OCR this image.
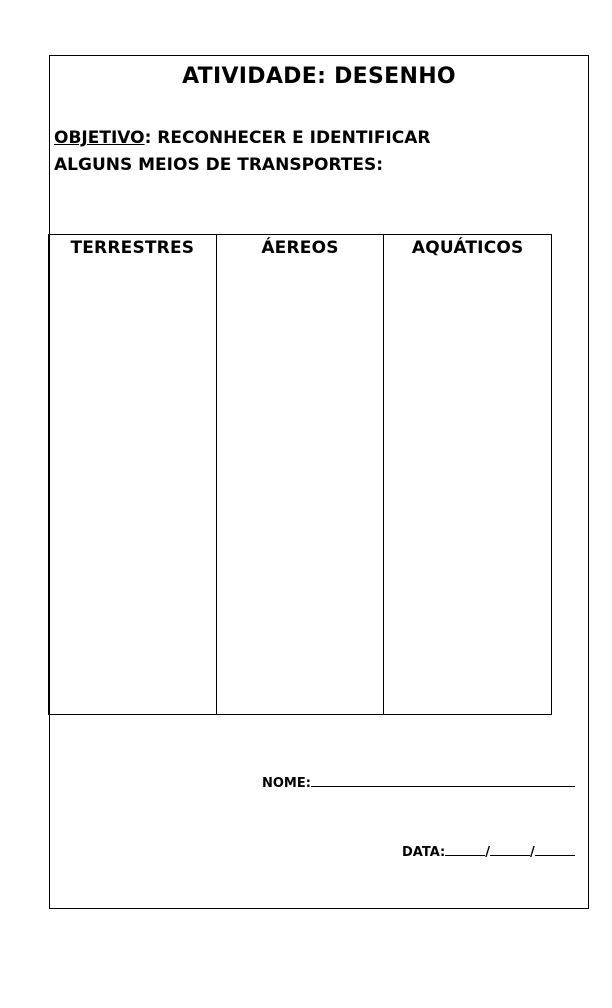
ATIVIDADE: DESENHO
OBJETIVO: RECONHECER E IDENTIFICAR
ALGUNS MEIOS DE TRANSPORTES:
TERRESTRES	ÁEREOS	AQUÁTICOS
NOME:
DATA:	/	/
